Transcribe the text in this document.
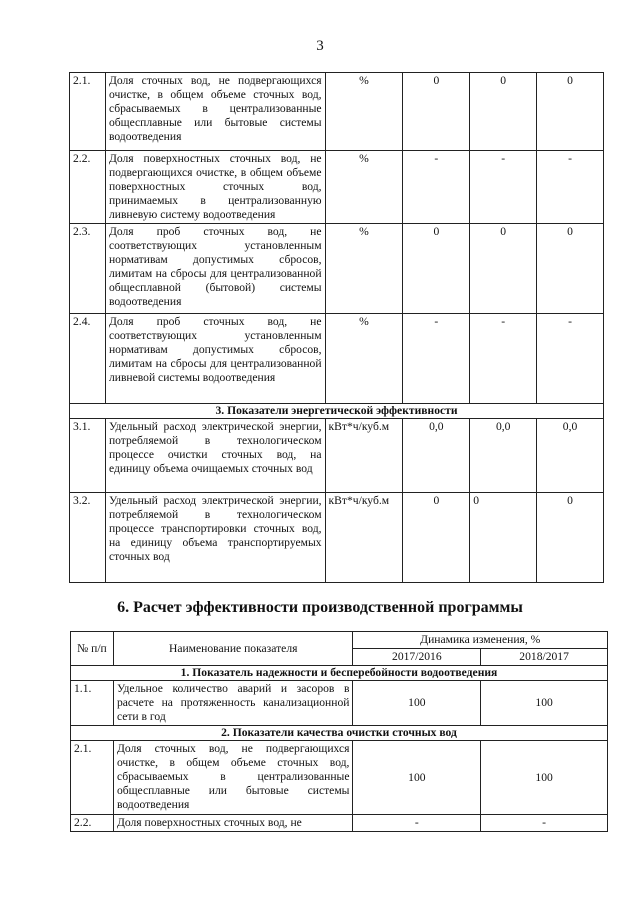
3
2.1.	Доля сточных вод, не подвергающихся очистке, в общем объеме сточных вод, сбрасываемых в централизованные общесплавные или бытовые системы водоотведения	%	0	0	0
2.2.	Доля поверхностных сточных вод, не подвергающихся очистке, в общем объеме поверхностных сточных вод, принимаемых в централизованную ливневую систему водоотведения	%	-	-	-
2.3.	Доля проб сточных вод, не соответствующих установленным нормативам допустимых сбросов, лимитам на сбросы для централизованной общесплавной (бытовой) системы водоотведения	%	0	0	0
2.4.	Доля проб сточных вод, не соответствующих установленным нормативам допустимых сбросов, лимитам на сбросы для централизованной ливневой системы водоотведения	%	-	-	-
3. Показатели энергетической эффективности					
3.1.	Удельный расход электрической энергии, потребляемой в технологическом процессе очистки сточных вод, на единицу объема очищаемых сточных вод	кВт*ч/куб.м	0,0	0,0	0,0
3.2.	Удельный расход электрической энергии, потребляемой в технологическом процессе транспортировки сточных вод, на единицу объема транспортируемых сточных вод	кВт*ч/куб.м	0	0	0
6. Расчет эффективности производственной программы
№ п/п	Наименование показателя	Динамика изменения, %	
		2017/2016	2018/2017
1. Показатель надежности и бесперебойности водоотведения			
1.1.	Удельное количество аварий и засоров в расчете на протяженность канализационной сети в год	100	100
2. Показатели качества очистки сточных вод			
2.1.	Доля сточных вод, не подвергающихся очистке, в общем объеме сточных вод, сбрасываемых в централизованные общесплавные или бытовые системы водоотведения	100	100
2.2.	Доля поверхностных сточных вод, не	-	-
